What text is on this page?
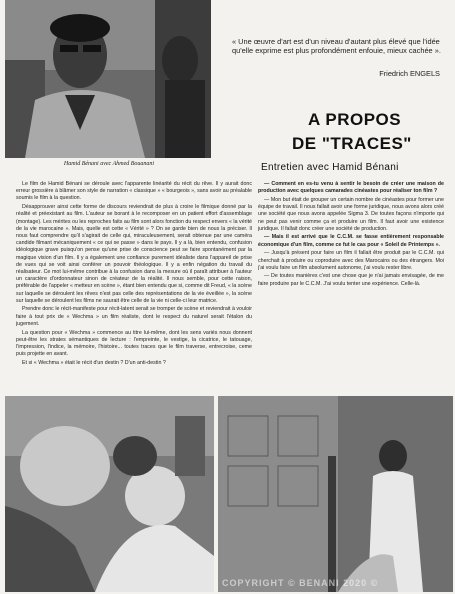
Hamid Bénani avec Ahmed Bouanani
« Une œuvre d'art est d'un niveau d'autant plus élevé que l'idée qu'elle exprime est plus profondément enfouie, mieux cachée ».
Friedrich ENGELS
A PROPOS
DE "TRACES"
Entretien avec Hamid Bénani

Le film de Hamid Bénani se déroule avec l'apparente linéarité du récit du rêve. Il y aurait donc erreur grossière à blâmer son style de narration « classique » « bourgeois », sans avoir au préalable soumis le film à la question.

Désapprouver ainsi cette forme de discours reviendrait de plus à croire le filmique donné par la réalité et préexistant au film. L'auteur se borant à le recomposer en un patient effort d'assemblage (montage). Les mérites ou les reproches faits au film sont alors fonction du respect envers « la vérité de la vie marocaine ». Mais, quelle est cette « Vérité » ? On se garde bien de nous la préciser. Il nous faut comprendre qu'il s'agirait de celle qui, miraculeusement, serait obtenue par une caméra candide filmant mécaniquement « ce qui se passe » dans le pays. Il y a là, bien entendu, confusion idéologique grave puisqu'on pense qu'une prise de conscience peut se faire spontanément par la magique vision d'un film. Il y a également une confiance purement idéaliste dans l'appareil de prise de vues qui se voit ainsi conférer un pouvoir théologique. Il y a enfin négation du travail du réalisateur. Ce mot lui-même contribue à la confusion dans la mesure où il paraît attribuer à l'auteur un caractère d'ordonnateur sinon de créateur de la réalité. Il nous semble, pour cette raison, préférable de l'appeler « metteur en scène », étant bien entendu que si, comme dit Freud, « la scène sur laquelle se déroulent les rêves n'est pas celle des représentations de la vie éveillée », la scène sur laquelle se déroulent les films ne saurait être celle de la vie ni celle-ci leur matrice.

Prendre donc le récit-manifeste pour récit-latent serait se tromper de scène et reviendrait à vouloir faire à tout prix de « Wechma » un film réaliste, dont le respect du naturel serait l'étalon du jugement.

La question pour « Wechma » commence au titre lui-même, dont les sens variés nous donnent peut-être les strates sémantiques de lecture : l'empreinte, le vestige, la cicatrice, le tatouage, l'impression, l'indice, la mémoire, l'histoire... toutes traces que le film traverse, entrecroise, ceme puis projette en avant.

Et si « Wechma » était le récit d'un destin ? D'un anti-destin ?

— Comment en es-tu venu à sentir le besoin de créer une maison de production avec quelques camarades cinéastes pour réaliser ton film ?

— Mon but était de grouper un certain nombre de cinéastes pour former une équipe de travail. Il nous fallait avoir une forme juridique, nous avons alors créé une société que nous avons appelée Sigma 3. De toutes façons n'importe qui ne peut pas venir comme ça et produire un film. Il faut avoir une existence juridique. Il fallait donc créer une société de production.

— Mais il est arrivé que le C.C.M. se fasse entièrement responsable économique d'un film, comme ce fut le cas pour « Soleil de Printemps ».

— Jusqu'à présent pour faire un film il fallait être produit par le C.C.M. qui cherchait à produire ou coproduire avec des Marocains ou des étrangers. Moi j'ai voulu faire un film absolument autonome, j'ai voulu rester libre.

— De toutes manières c'est une chose que je n'ai jamais envisagée, de me faire produire par le C.C.M. J'ai voulu tenter une expérience. Celle-là.

COPYRIGHT © BENANI 2020 ©
